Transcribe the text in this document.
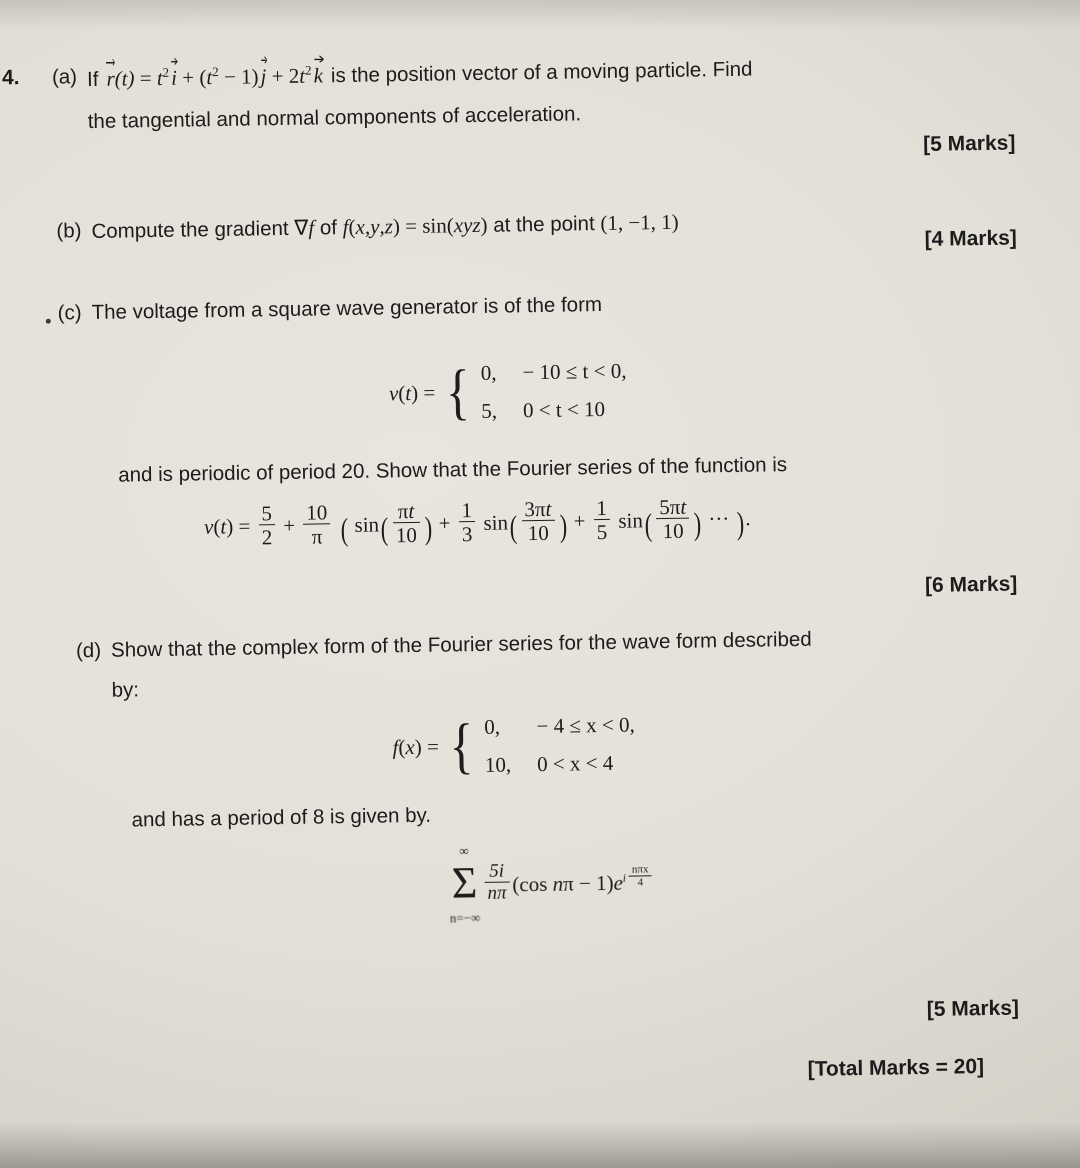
4. (a) If $r(t) = t^2$
$i + (t^2 - 1)$
$j + 2t^2$
k is the position vector of a moving particle. Find
the tangential and normal components of acceleration.
[5 Marks]
(b) Compute the gradient ∇f of f(x,y,z) = sin(xyz) at the point (1, −1, 1)
[4 Marks]
(c) The voltage from a square wave generator is of the form
v(t) = { 0, − 10 ≤ t < 0,
5, 0 < t < 10
and is periodic of period 20. Show that the Fourier series of the function is
$v(t) = \frac{5}{2} + \frac{10}{\pi}$ ( $\sin( \frac{\pi t}{10}$ ) + $\frac{1}{3} \sin( \frac{3\pi t}{10}$ ) + $\frac{1}{5} \sin( \frac{5\pi t}{10}$ ) ··· ).
[6 Marks]
(d) Show that the complex form of the Fourier series for the wave form described
by:
f(x) = { 0,	− 4 ≤ x < 0,
10, 0 < x < 4
and has a period of 8 is given by.
Σ
∞
n=−∞
$\frac{5i}{n\pi} (\cos$ $n\pi - 1)e^{i \frac{\text{nπx}}{4}}$
[5 Marks]
[Total Marks = 20]
